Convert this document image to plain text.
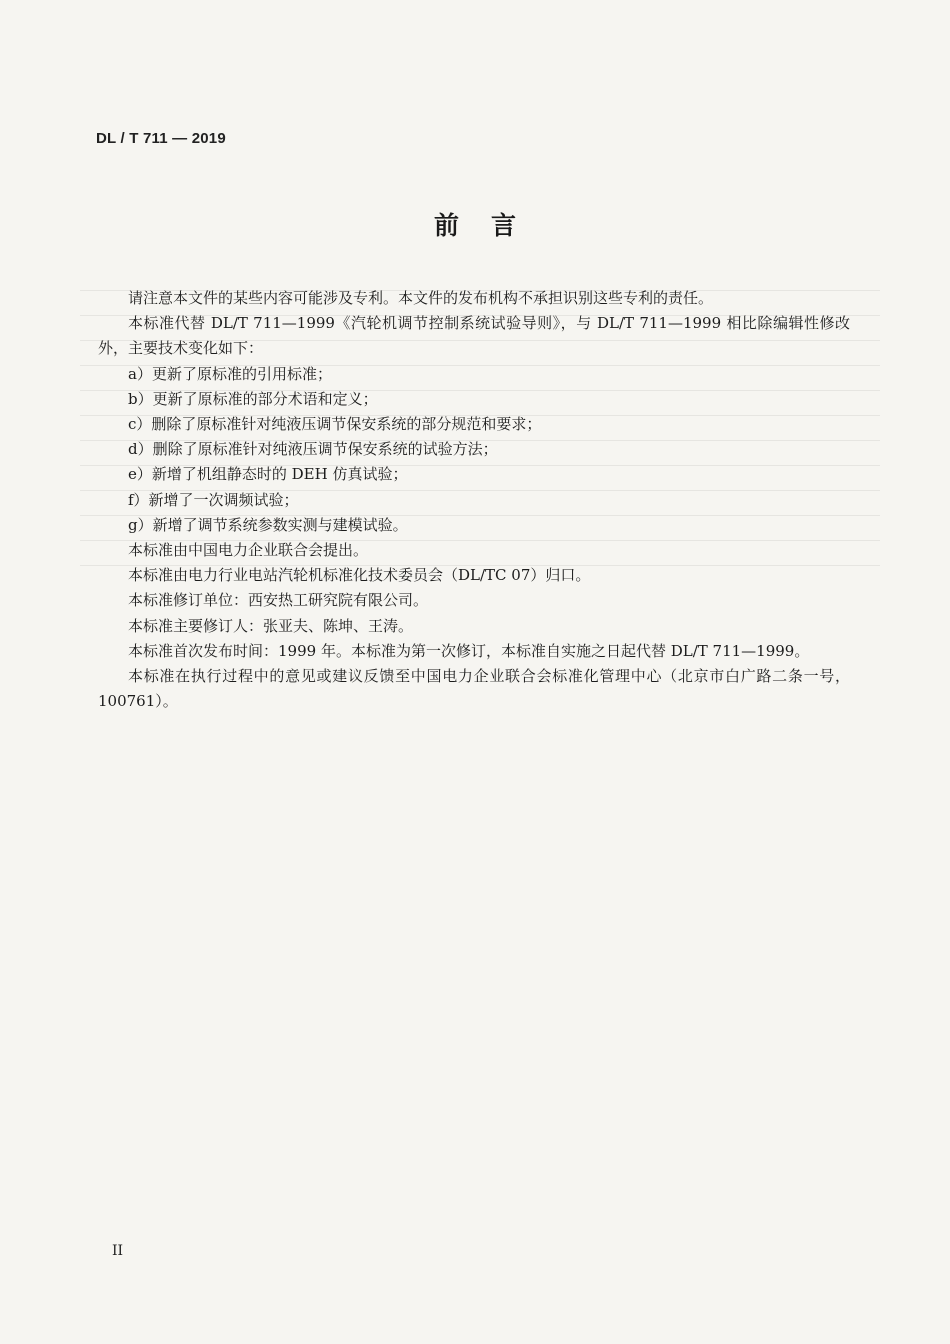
DL / T 711 — 2019
前言

请注意本文件的某些内容可能涉及专利。本文件的发布机构不承担识别这些专利的责任。

本标准代替 DL/T 711—1999《汽轮机调节控制系统试验导则》，与 DL/T 711—1999 相比除编辑性修改外，主要技术变化如下：

a）更新了原标准的引用标准；

b）更新了原标准的部分术语和定义；

c）删除了原标准针对纯液压调节保安系统的部分规范和要求；

d）删除了原标准针对纯液压调节保安系统的试验方法；

e）新增了机组静态时的 DEH 仿真试验；

f）新增了一次调频试验；

g）新增了调节系统参数实测与建模试验。

本标准由中国电力企业联合会提出。

本标准由电力行业电站汽轮机标准化技术委员会（DL/TC 07）归口。

本标准修订单位：西安热工研究院有限公司。

本标准主要修订人：张亚夫、陈坤、王涛。

本标准首次发布时间：1999 年。本标准为第一次修订，本标准自实施之日起代替 DL/T 711—1999。

本标准在执行过程中的意见或建议反馈至中国电力企业联合会标准化管理中心（北京市白广路二条一号，100761）。

II
